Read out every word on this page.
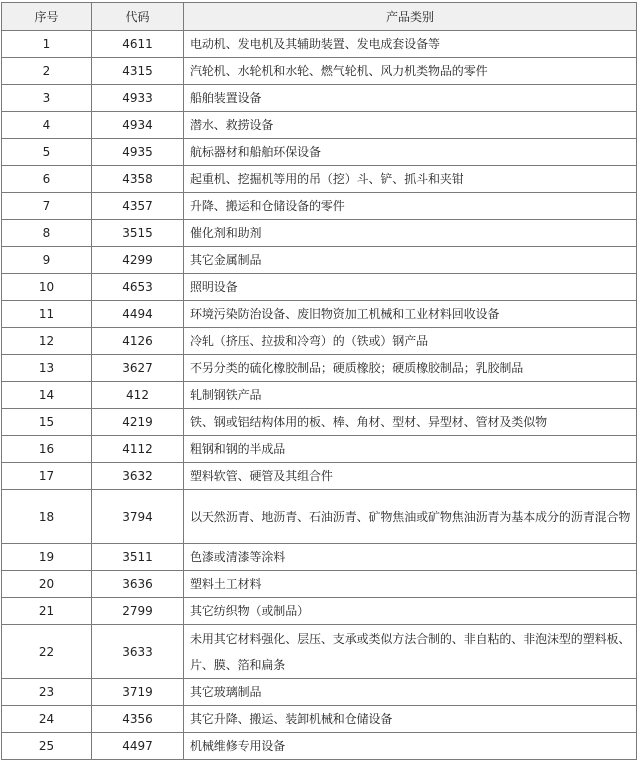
序号	代码	产品类别
1	4611	电动机、发电机及其辅助装置、发电成套设备等
2	4315	汽轮机、水轮机和水轮、燃气轮机、风力机类物品的零件
3	4933	船舶装置设备
4	4934	潜水、救捞设备
5	4935	航标器材和船舶环保设备
6	4358	起重机、挖掘机等用的吊（挖）斗、铲、抓斗和夹钳
7	4357	升降、搬运和仓储设备的零件
8	3515	催化剂和助剂
9	4299	其它金属制品
10	4653	照明设备
11	4494	环境污染防治设备、废旧物资加工机械和工业材料回收设备
12	4126	冷轧（挤压、拉拔和冷弯）的（铁或）钢产品
13	3627	不另分类的硫化橡胶制品；硬质橡胶；硬质橡胶制品；乳胶制品
14	412	轧制钢铁产品
15	4219	铁、钢或铝结构体用的板、棒、角材、型材、异型材、管材及类似物
16	4112	粗钢和钢的半成品
17	3632	塑料软管、硬管及其组合件
18	3794	以天然沥青、地沥青、石油沥青、矿物焦油或矿物焦油沥青为基本成分的沥青混合物
19	3511	色漆或清漆等涂料
20	3636	塑料土工材料
21	2799	其它纺织物（或制品）
22	3633	未用其它材料强化、层压、支承或类似方法合制的、非自粘的、非泡沫型的塑料板、片、膜、箔和扁条
23	3719	其它玻璃制品
24	4356	其它升降、搬运、装卸机械和仓储设备
25	4497	机械维修专用设备
